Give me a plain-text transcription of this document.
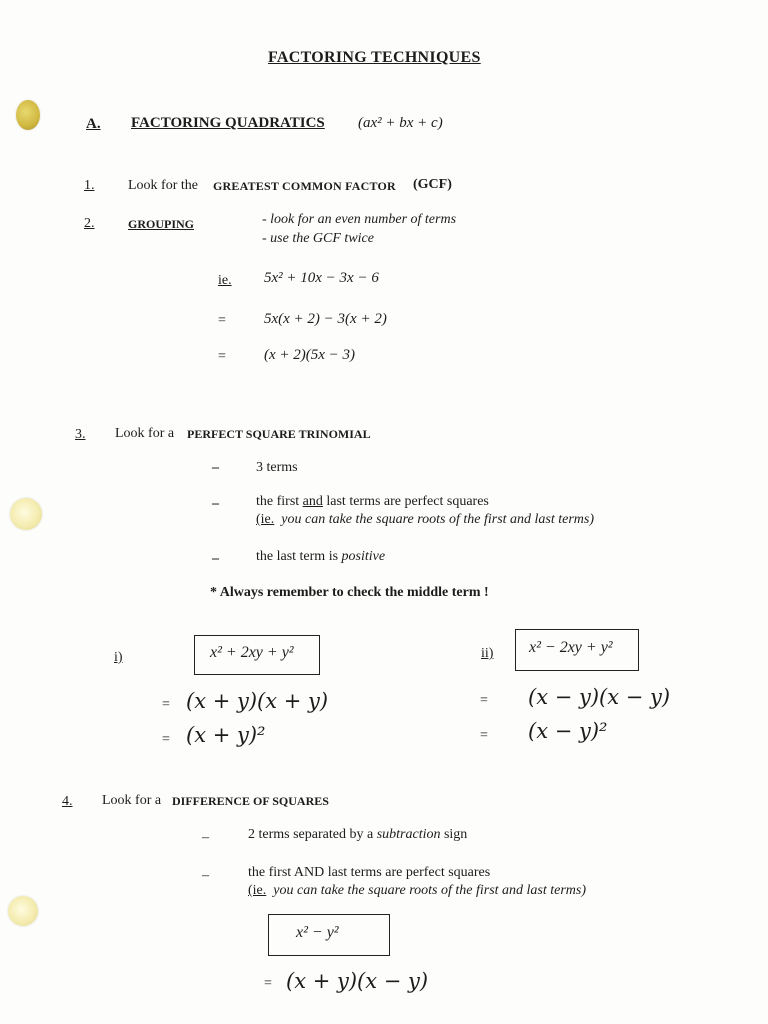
FACTORING TECHNIQUES
A. FACTORING QUADRATICS (ax² + bx + c)
1. Look for the GREATEST COMMON FACTOR (GCF)
2.	GROUPING	- look for an even number of terms
- use the GCF twice
ie. 5x² + 10x − 3x − 6
=	5x(x + 2) − 3(x + 2)
=	(x + 2)(5x − 3)
3. Look for a PERFECT SQUARE TRINOMIAL
–	3 terms
–	the first and last terms are perfect squares
(ie. you can take the square roots of the first and last terms)
–	the last term is positive
* Always remember to check the middle term !
i)	x² + 2xy + y²
= (x + y)(x + y)
= (x + y)²
ii) x² − 2xy + y²
= (x − y)(x − y)
= (x − y)²
4. Look for a DIFFERENCE OF SQUARES
–	2 terms separated by a subtraction sign
–	the first AND last terms are perfect squares
(ie. you can take the square roots of the first and last terms)
x² − y²
= (x + y)(x − y)
